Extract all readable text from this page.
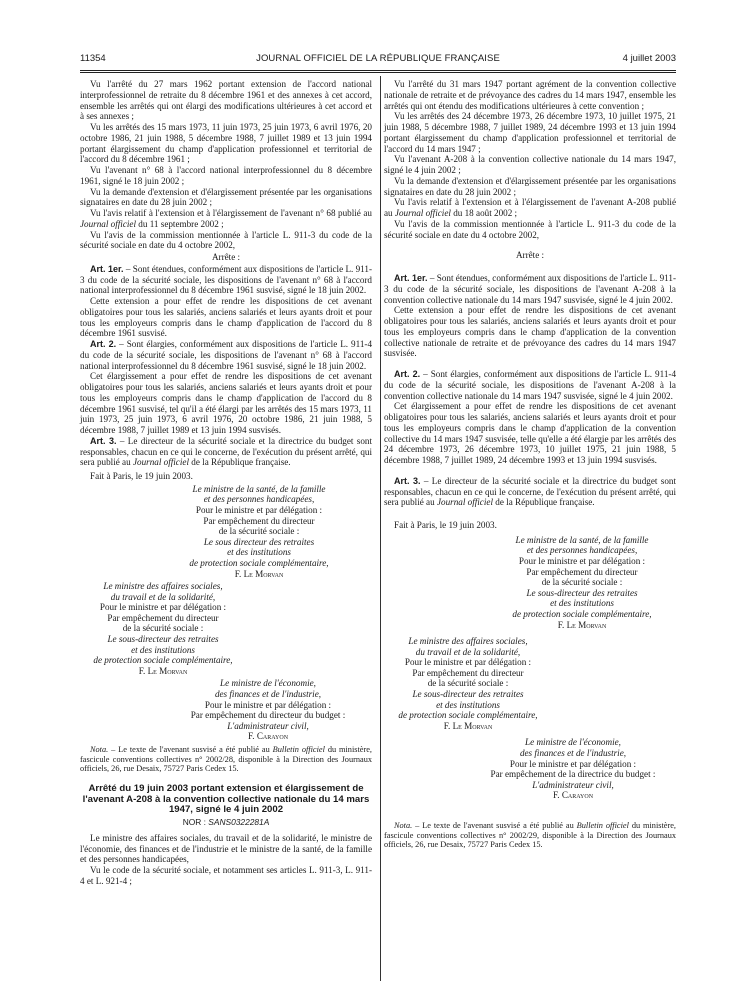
11354	JOURNAL OFFICIEL DE LA RÉPUBLIQUE FRANÇAISE	4 juillet 2003

Vu l'arrêté du 27 mars 1962 portant extension de l'accord national interprofessionnel de retraite du 8 décembre 1961 et des annexes à cet accord, ensemble les arrêtés qui ont élargi des modifications ultérieures à cet accord et à ses annexes ;

Vu les arrêtés des 15 mars 1973, 11 juin 1973, 25 juin 1973, 6 avril 1976, 20 octobre 1986, 21 juin 1988, 5 décembre 1988, 7 juillet 1989 et 13 juin 1994 portant élargissement du champ d'application professionnel et territorial de l'accord du 8 décembre 1961 ;

Vu l'avenant n° 68 à l'accord national interprofessionnel du 8 décembre 1961, signé le 18 juin 2002 ;

Vu la demande d'extension et d'élargissement présentée par les organisations signataires en date du 28 juin 2002 ;

Vu l'avis relatif à l'extension et à l'élargissement de l'avenant n° 68 publié au Journal officiel du 11 septembre 2002 ;

Vu l'avis de la commission mentionnée à l'article L. 911-3 du code de la sécurité sociale en date du 4 octobre 2002,

Arrête :

Art. 1er. – Sont étendues, conformément aux dispositions de l'article L. 911-3 du code de la sécurité sociale, les dispositions de l'avenant n° 68 à l'accord national interprofessionnel du 8 décembre 1961 susvisé, signé le 18 juin 2002.

Cette extension a pour effet de rendre les dispositions de cet avenant obligatoires pour tous les salariés, anciens salariés et leurs ayants droit et pour tous les employeurs compris dans le champ d'application de l'accord du 8 décembre 1961 susvisé.

Art. 2. – Sont élargies, conformément aux dispositions de l'article L. 911-4 du code de la sécurité sociale, les dispositions de l'avenant n° 68 à l'accord national interprofessionnel du 8 décembre 1961 susvisé, signé le 18 juin 2002.

Cet élargissement a pour effet de rendre les dispositions de cet avenant obligatoires pour tous les salariés, anciens salariés et leurs ayants droit et pour tous les employeurs compris dans le champ d'application de l'accord du 8 décembre 1961 susvisé, tel qu'il a été élargi par les arrêtés des 15 mars 1973, 11 juin 1973, 25 juin 1973, 6 avril 1976, 20 octobre 1986, 21 juin 1988, 5 décembre 1988, 7 juillet 1989 et 13 juin 1994 susvisés.

Art. 3. – Le directeur de la sécurité sociale et la directrice du budget sont responsables, chacun en ce qui le concerne, de l'exécution du présent arrêté, qui sera publié au Journal officiel de la République française.

Fait à Paris, le 19 juin 2003.

Le ministre de la santé, de la famille
et des personnes handicapées,
Pour le ministre et par délégation :
Par empêchement du directeur
de la sécurité sociale :
Le sous directeur des retraites
et des institutions
de protection sociale complémentaire,
F. Le Morvan
Le ministre des affaires sociales,
du travail et de la solidarité,
Pour le ministre et par délégation :
Par empêchement du directeur
de la sécurité sociale :
Le sous-directeur des retraites
et des institutions
de protection sociale complémentaire,
F. Le Morvan
Le ministre de l'économie,
des finances et de l'industrie,
Pour le ministre et par délégation :
Par empêchement du directeur du budget :
L'administrateur civil,
F. Carayon

Nota. – Le texte de l'avenant susvisé a été publié au Bulletin officiel du ministère, fascicule conventions collectives n° 2002/28, disponible à la Direction des Journaux officiels, 26, rue Desaix, 75727 Paris Cedex 15.

Arrêté du 19 juin 2003 portant extension et élargissement de l'avenant A-208 à la convention collective nationale du 14 mars 1947, signé le 4 juin 2002
NOR : SANS0322281A

Le ministre des affaires sociales, du travail et de la solidarité, le ministre de l'économie, des finances et de l'industrie et le ministre de la santé, de la famille et des personnes handicapées,

Vu le code de la sécurité sociale, et notamment ses articles L. 911-3, L. 911-4 et L. 921-4 ;

Vu l'arrêté du 31 mars 1947 portant agrément de la convention collective nationale de retraite et de prévoyance des cadres du 14 mars 1947, ensemble les arrêtés qui ont étendu des modifications ultérieures à cette convention ;

Vu les arrêtés des 24 décembre 1973, 26 décembre 1973, 10 juillet 1975, 21 juin 1988, 5 décembre 1988, 7 juillet 1989, 24 décembre 1993 et 13 juin 1994 portant élargissement du champ d'application professionnel et territorial de l'accord du 14 mars 1947 ;

Vu l'avenant A-208 à la convention collective nationale du 14 mars 1947, signé le 4 juin 2002 ;

Vu la demande d'extension et d'élargissement présentée par les organisations signataires en date du 28 juin 2002 ;

Vu l'avis relatif à l'extension et à l'élargissement de l'avenant A-208 publié au Journal officiel du 18 août 2002 ;

Vu l'avis de la commission mentionnée à l'article L. 911-3 du code de la sécurité sociale en date du 4 octobre 2002,

Arrête :

Art. 1er. – Sont étendues, conformément aux dispositions de l'article L. 911-3 du code de la sécurité sociale, les dispositions de l'avenant A-208 à la convention collective nationale du 14 mars 1947 susvisée, signé le 4 juin 2002.

Cette extension a pour effet de rendre les dispositions de cet avenant obligatoires pour tous les salariés, anciens salariés et leurs ayants droit et pour tous les employeurs compris dans le champ d'application de la convention collective nationale de retraite et de prévoyance des cadres du 14 mars 1947 susvisée.

Art. 2. – Sont élargies, conformément aux dispositions de l'article L. 911-4 du code de la sécurité sociale, les dispositions de l'avenant A-208 à la convention collective nationale du 14 mars 1947 susvisée, signé le 4 juin 2002.

Cet élargissement a pour effet de rendre les dispositions de cet avenant obligatoires pour tous les salariés, anciens salariés et leurs ayants droit et pour tous les employeurs compris dans le champ d'application de la convention collective du 14 mars 1947 susvisée, telle qu'elle a été élargie par les arrêtés des 24 décembre 1973, 26 décembre 1973, 10 juillet 1975, 21 juin 1988, 5 décembre 1988, 7 juillet 1989, 24 décembre 1993 et 13 juin 1994 susvisés.

Art. 3. – Le directeur de la sécurité sociale et la directrice du budget sont responsables, chacun en ce qui le concerne, de l'exécution du présent arrêté, qui sera publié au Journal officiel de la République française.

Fait à Paris, le 19 juin 2003.

Le ministre de la santé, de la famille
et des personnes handicapées,
Pour le ministre et par délégation :
Par empêchement du directeur
de la sécurité sociale :
Le sous-directeur des retraites
et des institutions
de protection sociale complémentaire,
F. Le Morvan
Le ministre des affaires sociales,
du travail et de la solidarité,
Pour le ministre et par délégation :
Par empêchement du directeur
de la sécurité sociale :
Le sous-directeur des retraites
et des institutions
de protection sociale complémentaire,
F. Le Morvan
Le ministre de l'économie,
des finances et de l'industrie,
Pour le ministre et par délégation :
Par empêchement de la directrice du budget :
L'administrateur civil,
F. Carayon

Nota. – Le texte de l'avenant susvisé a été publié au Bulletin officiel du ministère, fascicule conventions collectives n° 2002/29, disponible à la Direction des Journaux officiels, 26, rue Desaix, 75727 Paris Cedex 15.
